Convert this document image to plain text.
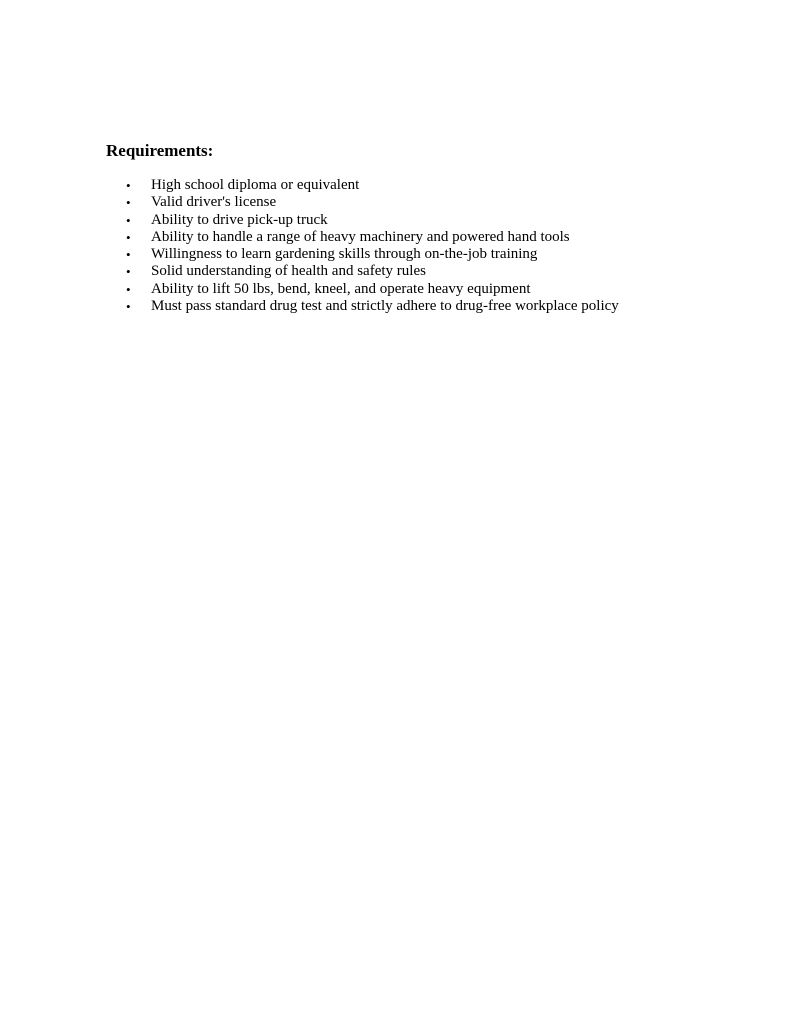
Requirements:
•	High school diploma or equivalent
•	Valid driver's license
•	Ability to drive pick-up truck
•	Ability to handle a range of heavy machinery and powered hand tools
•	Willingness to learn gardening skills through on-the-job training
•	Solid understanding of health and safety rules
•	Ability to lift 50 lbs, bend, kneel, and operate heavy equipment
•	Must pass standard drug test and strictly adhere to drug-free workplace policy
